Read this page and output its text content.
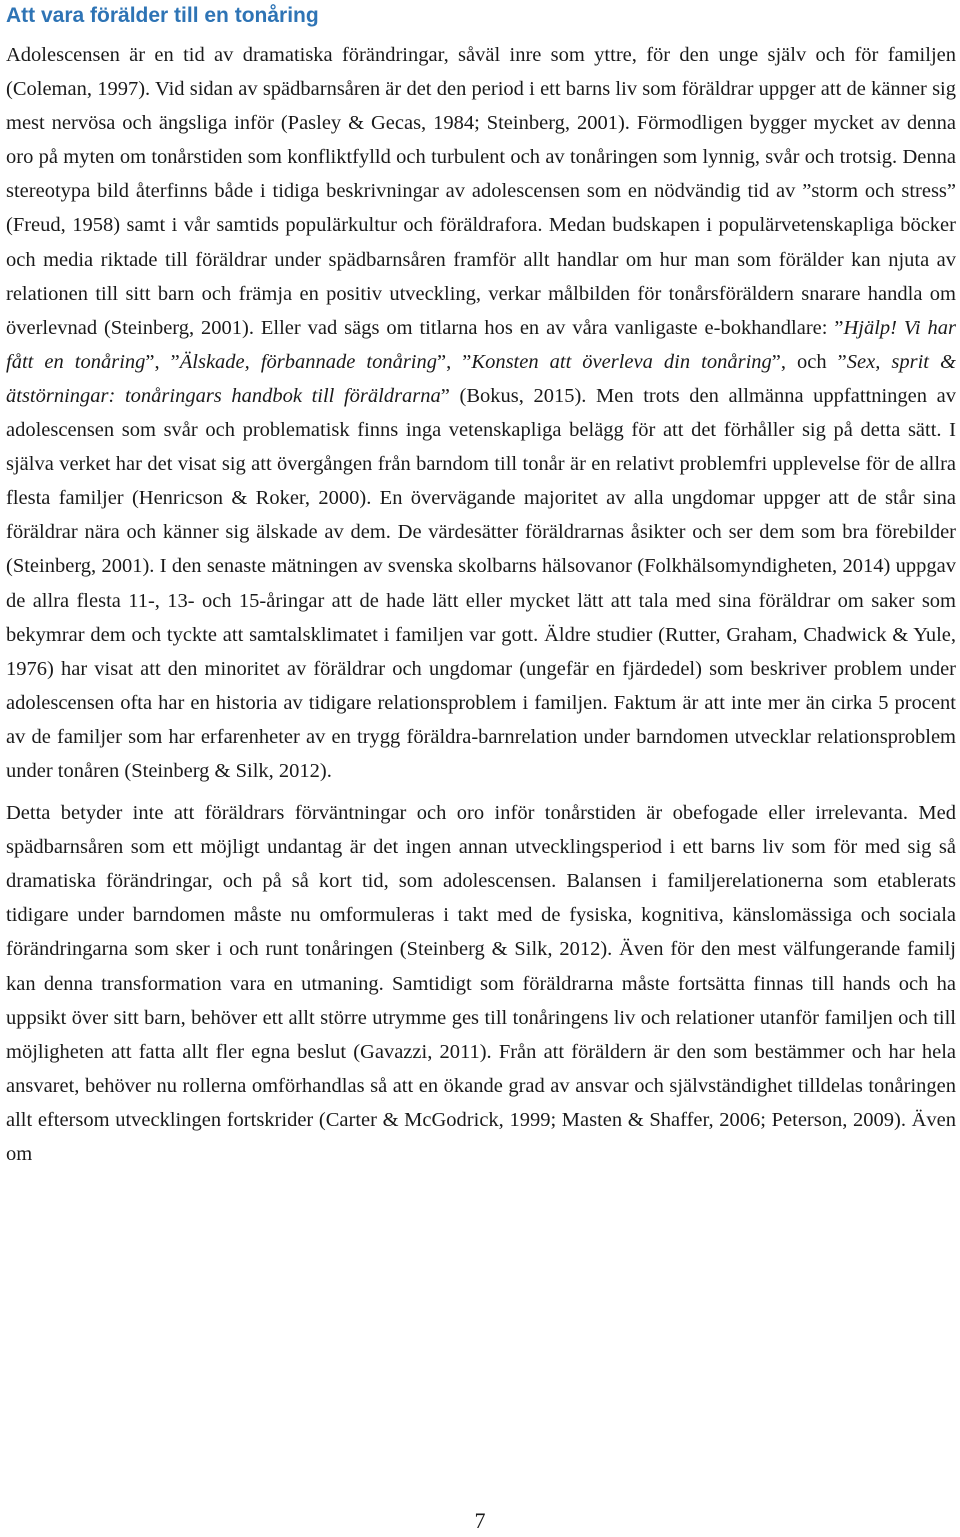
Att vara förälder till en tonåring

Adolescensen är en tid av dramatiska förändringar, såväl inre som yttre, för den unge själv och för familjen (Coleman, 1997). Vid sidan av spädbarnsåren är det den period i ett barns liv som föräldrar uppger att de känner sig mest nervösa och ängsliga inför (Pasley & Gecas, 1984; Steinberg, 2001). Förmodligen bygger mycket av denna oro på myten om tonårstiden som konfliktfylld och turbulent och av tonåringen som lynnig, svår och trotsig. Denna stereotypa bild återfinns både i tidiga beskrivningar av adolescensen som en nödvändig tid av ”storm och stress” (Freud, 1958) samt i vår samtids populärkultur och föräldrafora. Medan budskapen i populärvetenskapliga böcker och media riktade till föräldrar under spädbarnsåren framför allt handlar om hur man som förälder kan njuta av relationen till sitt barn och främja en positiv utveckling, verkar målbilden för tonårsföräldern snarare handla om överlevnad (Steinberg, 2001). Eller vad sägs om titlarna hos en av våra vanligaste e-bokhandlare: ”Hjälp! Vi har fått en tonåring”, ”Älskade, förbannade tonåring”, ”Konsten att överleva din tonåring”, och ”Sex, sprit & ätstörningar: tonåringars handbok till föräldrarna” (Bokus, 2015). Men trots den allmänna uppfattningen av adolescensen som svår och problematisk finns inga vetenskapliga belägg för att det förhåller sig på detta sätt. I själva verket har det visat sig att övergången från barndom till tonår är en relativt problemfri upplevelse för de allra flesta familjer (Henricson & Roker, 2000). En övervägande majoritet av alla ungdomar uppger att de står sina föräldrar nära och känner sig älskade av dem. De värdesätter föräldrarnas åsikter och ser dem som bra förebilder (Steinberg, 2001). I den senaste mätningen av svenska skolbarns hälsovanor (Folkhälsomyndigheten, 2014) uppgav de allra flesta 11-, 13- och 15-åringar att de hade lätt eller mycket lätt att tala med sina föräldrar om saker som bekymrar dem och tyckte att samtalsklimatet i familjen var gott. Äldre studier (Rutter, Graham, Chadwick & Yule, 1976) har visat att den minoritet av föräldrar och ungdomar (ungefär en fjärdedel) som beskriver problem under adolescensen ofta har en historia av tidigare relationsproblem i familjen. Faktum är att inte mer än cirka 5 procent av de familjer som har erfarenheter av en trygg föräldra-barnrelation under barndomen utvecklar relationsproblem under tonåren (Steinberg & Silk, 2012).

Detta betyder inte att föräldrars förväntningar och oro inför tonårstiden är obefogade eller irrelevanta. Med spädbarnsåren som ett möjligt undantag är det ingen annan utvecklingsperiod i ett barns liv som för med sig så dramatiska förändringar, och på så kort tid, som adolescensen. Balansen i familjerelationerna som etablerats tidigare under barndomen måste nu omformuleras i takt med de fysiska, kognitiva, känslomässiga och sociala förändringarna som sker i och runt tonåringen (Steinberg & Silk, 2012). Även för den mest välfungerande familj kan denna transformation vara en utmaning. Samtidigt som föräldrarna måste fortsätta finnas till hands och ha uppsikt över sitt barn, behöver ett allt större utrymme ges till tonåringens liv och relationer utanför familjen och till möjligheten att fatta allt fler egna beslut (Gavazzi, 2011). Från att föräldern är den som bestämmer och har hela ansvaret, behöver nu rollerna omförhandlas så att en ökande grad av ansvar och självständighet tilldelas tonåringen allt eftersom utvecklingen fortskrider (Carter & McGodrick, 1999; Masten & Shaffer, 2006; Peterson, 2009). Även om

7
